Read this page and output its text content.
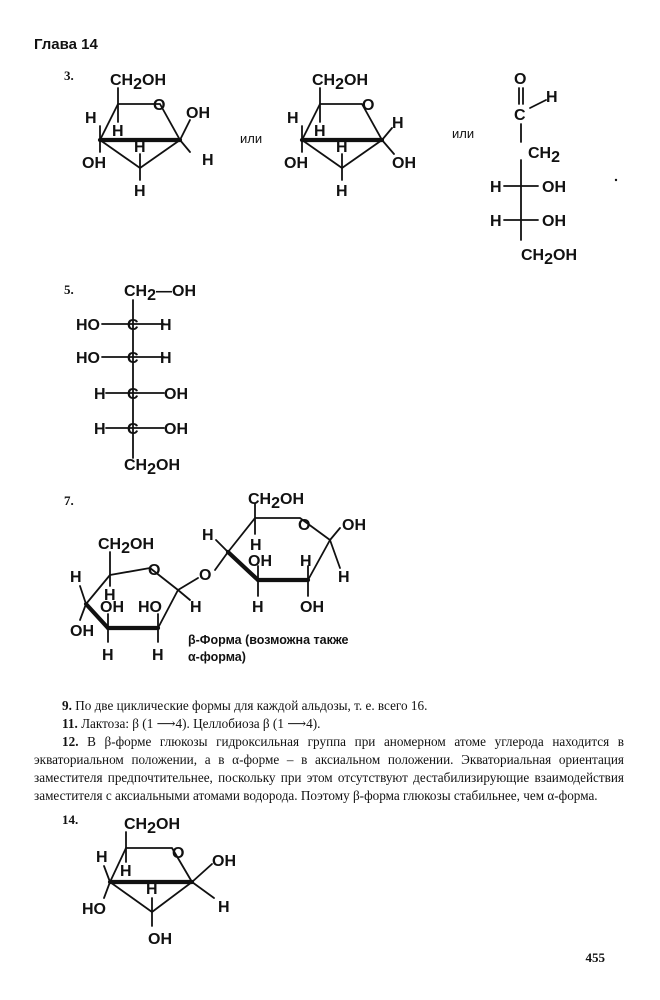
Глава 14
3. CH2OH
O
H
H
OH
H
H
OH
H
или
CH2OH
O
H
H
OH
H
H
H
OH
или
O
C
H
CH2
H	OH
H	OH
CH2OH
CH2—OH
HO C H
HO C H
H C OH
H C OH
CH2OH
CH2OH
O
H
H
OH
OH
H
HO
H
H
O
CH2OH
O
H
H
OH
H
H
OH
OH
H
CH2OH
O
H
H
HO
H
OH
OH
H
5.
7.
β-Форма (возможна также
α-форма)
9. По две циклические формы для каждой альдозы, т. е. всего 16.
11. Лактоза: β (1 ⟶4). Целлобиоза β (1 ⟶4).
12. В β-форме глюкозы гидроксильная группа при аномерном атоме углерода находится в экваториальном положении, а в α-форме – в аксиальном положении. Экваториальная ориентация заместителя предпочтительнее, поскольку при этом отсутствуют дестабилизирующие взаимодействия заместителя с аксиальными атомами водорода. Поэтому β-форма глюкозы стабильнее, чем α-форма.
14.
455
